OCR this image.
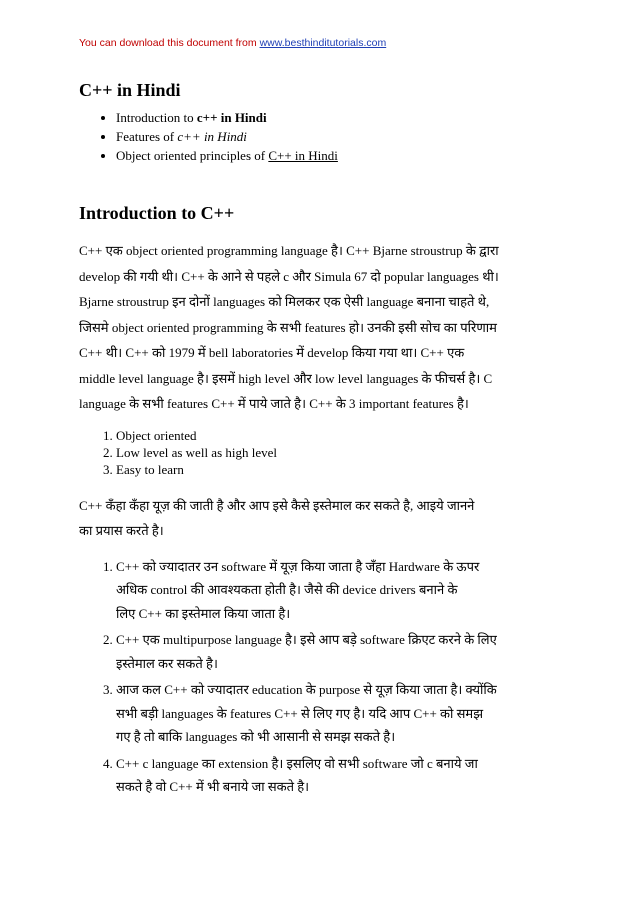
You can download this document from www.besthinditutorials.com
C++ in Hindi
• Introduction to c++ in Hindi
• Features of c++ in Hindi
• Object oriented principles of C++ in Hindi
Introduction to C++

C++ एक object oriented programming language है। C++ Bjarne stroustrup के द्वारा
develop की गयी थी। C++ के आने से पहले c और Simula 67 दो popular languages थी।
Bjarne stroustrup इन दोनों languages को मिलकर एक ऐसी language बनाना चाहते थे,
जिसमे object oriented programming के सभी features हो। उनकी इसी सोच का परिणाम
C++ थी। C++ को 1979 में bell laboratories में develop किया गया था। C++ एक
middle level language है। इसमें high level और low level languages के फीचर्स है। C
language के सभी features C++ में पाये जाते है। C++ के 3 important features है।

1. Object oriented
2. Low level as well as high level
3. Easy to learn

C++ कँहा कँहा यूज़ की जाती है और आप इसे कैसे इस्तेमाल कर सकते है, आइये जानने
का प्रयास करते है।

1. C++ को ज्यादातर उन software में यूज़ किया जाता है जँहा Hardware के ऊपर
अधिक control की आवश्यकता होती है। जैसे की device drivers बनाने के
लिए C++ का इस्तेमाल किया जाता है।
2. C++ एक multipurpose language है। इसे आप बड़े software क्रिएट करने के लिए
इस्तेमाल कर सकते है।
3. आज कल C++ को ज्यादातर education के purpose से यूज़ किया जाता है। क्योंकि
सभी बड़ी languages के features C++ से लिए गए है। यदि आप C++ को समझ
गए है तो बाकि languages को भी आसानी से समझ सकते है।
4. C++ c language का extension है। इसलिए वो सभी software जो c बनाये जा
सकते है वो C++ में भी बनाये जा सकते है।
